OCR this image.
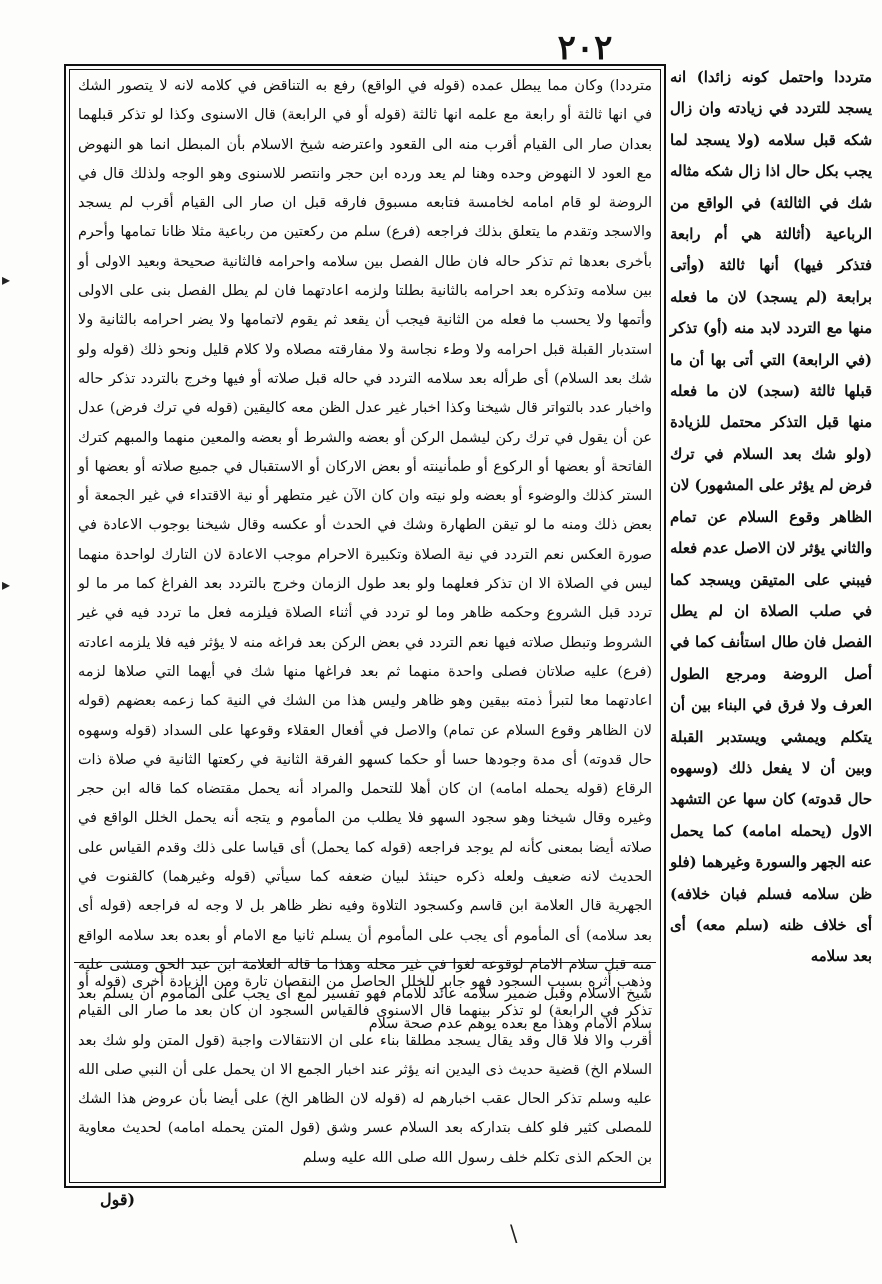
٢٠٢
مترددا) وكان مما يبطل عمده (قوله في الواقع) رفع به التناقض في كلامه لانه لا يتصور الشك في انها ثالثة أو رابعة مع علمه انها ثالثة (قوله أو في الرابعة) قال الاسنوى وكذا لو تذكر قبلهما بعدان صار الى القيام أقرب منه الى القعود واعترضه شيخ الاسلام بأن المبطل انما هو النهوض مع العود لا النهوض وحده وهنا لم يعد ورده ابن حجر وانتصر للاسنوى وهو الوجه ولذلك قال في الروضة لو قام امامه لخامسة فتابعه مسبوق فارقه قبل ان صار الى القيام أقرب لم يسجد والاسجد وتقدم ما يتعلق بذلك فراجعه (فرع) سلم من ركعتين من رباعية مثلا ظانا تمامها وأحرم بأخرى بعدها ثم تذكر حاله فان طال الفصل بين سلامه واحرامه فالثانية صحيحة وبعيد الاولى أو بين سلامه وتذكره بعد احرامه بالثانية بطلتا ولزمه اعادتهما فان لم يطل الفصل بنى على الاولى وأتمها ولا يحسب ما فعله من الثانية فيجب أن يقعد ثم يقوم لاتمامها ولا يضر احرامه بالثانية ولا استدبار القبلة قبل احرامه ولا وطء نجاسة ولا مفارقته مصلاه ولا كلام قليل ونحو ذلك (قوله ولو شك بعد السلام) أى طرأله بعد سلامه التردد في حاله قبل صلاته أو فيها وخرج بالتردد تذكر حاله واخبار عدد بالتواتر قال شيخنا وكذا اخبار غير عدل الظن معه كاليقين (قوله في ترك فرض) عدل عن أن يقول في ترك ركن ليشمل الركن أو بعضه والشرط أو بعضه والمعين منهما والمبهم كترك الفاتحة أو بعضها أو الركوع أو طمأنينته أو بعض الاركان أو الاستقبال في جميع صلاته أو بعضها أو الستر كذلك والوضوء أو بعضه ولو نيته وان كان الآن غير متطهر أو نية الاقتداء في غير الجمعة أو بعض ذلك ومنه ما لو تيقن الطهارة وشك في الحدث أو عكسه وقال شيخنا بوجوب الاعادة في صورة العكس نعم التردد في نية الصلاة وتكبيرة الاحرام موجب الاعادة لان التارك لواحدة منهما ليس في الصلاة الا ان تذكر فعلهما ولو بعد طول الزمان وخرج بالتردد بعد الفراغ كما مر ما لو تردد قبل الشروع وحكمه ظاهر وما لو تردد في أثناء الصلاة فيلزمه فعل ما تردد فيه في غير الشروط وتبطل صلاته فيها نعم التردد في بعض الركن بعد فراغه منه لا يؤثر فيه فلا يلزمه اعادته (فرع) عليه صلاتان فصلى واحدة منهما ثم بعد فراغها منها شك في أيهما التي صلاها لزمه اعادتهما معا لتبرأ ذمته بيقين وهو ظاهر وليس هذا من الشك في النية كما زعمه بعضهم (قوله لان الظاهر وقوع السلام عن تمام) والاصل في أفعال العقلاء وقوعها على السداد (قوله وسهوه حال قدوته) أى مدة وجودها حسا أو حكما كسهو الفرقة الثانية في ركعتها الثانية في صلاة ذات الرقاع (قوله يحمله امامه) ان كان أهلا للتحمل والمراد أنه يحمل مقتضاه كما قاله ابن حجر وغيره وقال شيخنا وهو سجود السهو فلا يطلب من المأموم و يتجه أنه يحمل الخلل الواقع في صلاته أيضا بمعنى كأنه لم يوجد فراجعه (قوله كما يحمل) أى قياسا على ذلك وقدم القياس على الحديث لانه ضعيف ولعله ذكره حينئذ لبيان ضعفه كما سيأتي (قوله وغيرهما) كالقنوت في الجهرية قال العلامة ابن قاسم وكسجود التلاوة وفيه نظر ظاهر بل لا وجه له فراجعه (قوله أى بعد سلامه) أى المأموم أى يجب على المأموم أن يسلم ثانيا مع الامام أو بعده بعد سلامه الواقع منه قبل سلام الامام لوقوعه لغوا في غير محله وهذا ما قاله العلامة ابن عبد الحق ومشى عليه شيخ الاسلام وقبل ضمير سلامه عائد للامام فهو تفسير لمع أى يجب على المأموم أن يسلم بعد سلام الامام وهذا مع بعده يوهم عدم صحة سلام
وذهب أثره بسبب السجود فهو جابر للخلل الحاصل من النقصان تارة ومن الزيادة أخرى (قوله أو تذكر في الرابعة) لو تذكر بينهما قال الاسنوى فالقياس السجود ان كان بعد ما صار الى القيام أقرب والا فلا قال وقد يقال يسجد مطلقا بناء على ان الانتقالات واجبة (قول المتن ولو شك بعد السلام الخ) قضية حديث ذى اليدين انه يؤثر عند اخبار الجمع الا ان يحمل على أن النبي صلى الله عليه وسلم تذكر الحال عقب اخبارهم له (قوله لان الظاهر الخ) على أيضا بأن عروض هذا الشك للمصلى كثير فلو كلف بتداركه بعد السلام عسر وشق (قول المتن يحمله امامه) لحديث معاوية بن الحكم الذى تكلم خلف رسول الله صلى الله عليه وسلم
مترددا واحتمل كونه زائدا) انه يسجد للتردد في زيادته وان زال شكه قبل سلامه (ولا يسجد لما يجب بكل حال اذا زال شكه مثاله شك في الثالثة) في الواقع من الرباعية (أثالثة هي أم رابعة فتذكر فيها) أنها ثالثة (وأتى برابعة (لم يسجد) لان ما فعله منها مع التردد لابد منه (أو) تذكر (في الرابعة) التي أتى بها أن ما قبلها ثالثة (سجد) لان ما فعله منها قبل التذكر محتمل للزيادة (ولو شك بعد السلام في ترك فرض لم يؤثر على المشهور) لان الظاهر وقوع السلام عن تمام والثاني يؤثر لان الاصل عدم فعله فيبني على المتيقن ويسجد كما في صلب الصلاة ان لم يطل الفصل فان طال استأنف كما في أصل الروضة ومرجع الطول العرف ولا فرق في البناء بين أن يتكلم ويمشي ويستدبر القبلة وبين أن لا يفعل ذلك (وسهوه حال قدوته) كان سها عن التشهد الاول (يحمله امامه) كما يحمل عنه الجهر والسورة وغيرهما (فلو ظن سلامه فسلم فبان خلافه) أى خلاف ظنه (سلم معه) أى بعد سلامه
(قول
▸
▸
\
